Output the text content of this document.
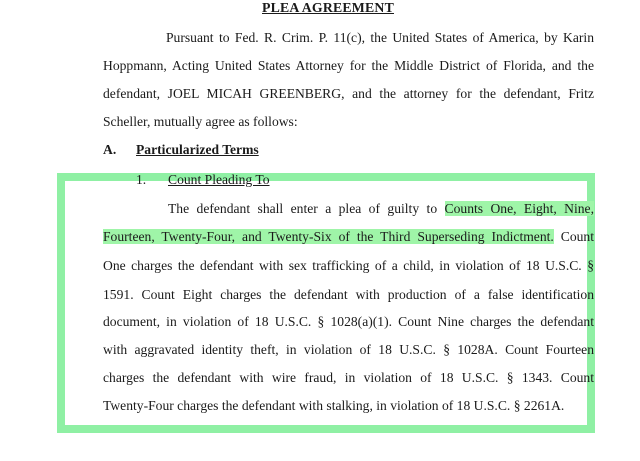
PLEA AGREEMENT
Pursuant to Fed. R. Crim. P. 11(c), the United States of America, by Karin
Hoppmann, Acting United States Attorney for the Middle District of Florida, and the
defendant, JOEL MICAH GREENBERG, and the attorney for the defendant, Fritz
Scheller, mutually agree as follows:
A. Particularized Terms
1. Count Pleading To
The defendant shall enter a plea of guilty to Counts One, Eight, Nine,
Fourteen, Twenty-Four, and Twenty-Six of the Third Superseding Indictment. Count
One charges the defendant with sex trafficking of a child, in violation of 18 U.S.C. §
1591. Count Eight charges the defendant with production of a false identification
document, in violation of 18 U.S.C. § 1028(a)(1). Count Nine charges the defendant
with aggravated identity theft, in violation of 18 U.S.C. § 1028A. Count Fourteen
charges the defendant with wire fraud, in violation of 18 U.S.C. § 1343. Count
Twenty-Four charges the defendant with stalking, in violation of 18 U.S.C. § 2261A.
